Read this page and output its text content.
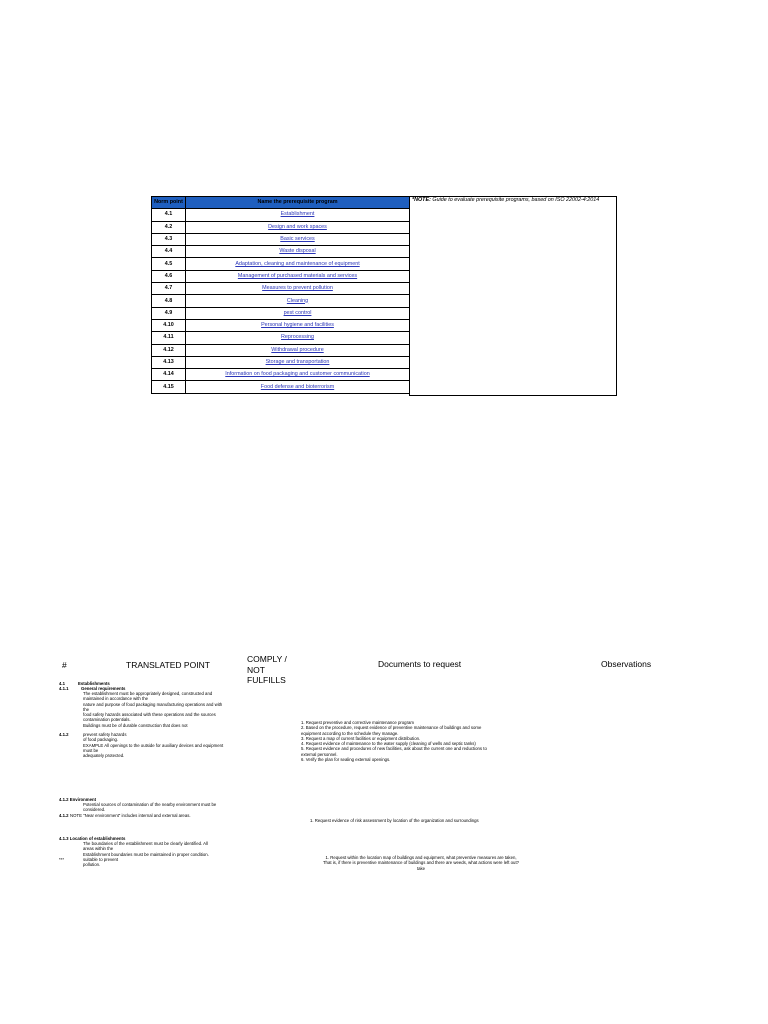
Norm point	Name the prerequisite program
4.1	Establishment
4.2	Design and work spaces
4.3	Basic services
4.4	Waste disposal
4.5	Adaptation, cleaning and maintenance of equipment
4.6	Management of purchased materials and services
4.7	Measures to prevent pollution
4.8	Cleaning
4.9	pest control
4.10	Personal hygiene and facilities
4.11	Reprocessing
4.12	Withdrawal procedure
4.13	Storage and transportation
4.14	Information on food packaging and customer communication
4.15	Food defense and bioterrorism
*NOTE: Guide to evaluate prerequisite programs, based on ISO 22002-4:2014
#	TRANSLATED POINT
COMPLY /
NOT
FULFILLS
Documents to request	Observations
4.1	Establishments
4.1.1	General requirements
The establishment must be appropriately designed, constructed and
maintained in accordance with the
nature and purpose of food packaging manufacturing operations and with
the
food safety hazards associated with these operations and the sources
contamination potentials.
Buildings must be of durable construction that does not
4.1.2	prevent safety hazards
of food packaging.
EXAMPLE All openings to the outside for auxiliary devices and equipment
must be
adequately protected.
1. Request preventive and corrective maintenance program
2. Based on the procedure, request evidence of preventive maintenance of buildings and some
equipment according to the schedule they manage.
3. Request a map of current facilities or equipment distribution.
4. Request evidence of maintenance to the water supply (cleaning of wells and septic tanks)
5. Request evidence and procedures of new facilities, ask about the current one and reductions to
external personnel.
6. Verify the plan for sealing external openings.
4.1.2 Environment
Potential sources of contamination of the nearby environment must be
considered.
4.1.2 NOTE "Near environment" includes internal and external areas.
1. Request evidence of risk assessment by location of the organization and surroundings
4.1.3 Location of establishments
The boundaries of the establishment must be clearly identified. All
areas within the
Establishment boundaries must be maintained in proper condition.
***	suitable to prevent
pollution.
1. Request within the location map of buildings and equipment, what preventive measures are taken,
That is, if there is preventive maintenance of buildings and there are weeds, what actions were left out?
take
